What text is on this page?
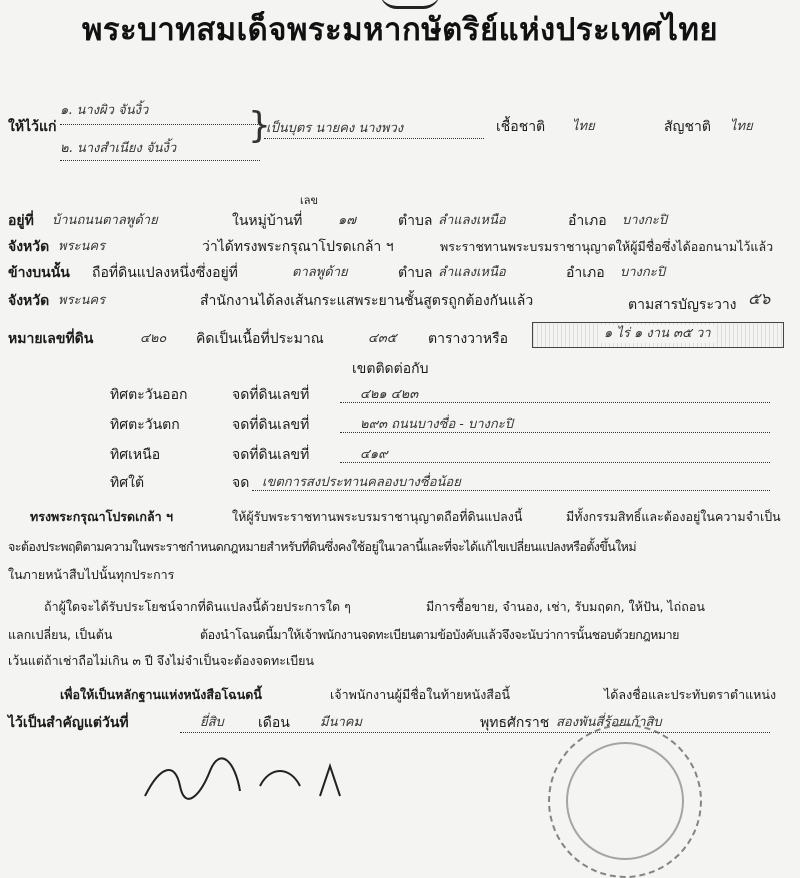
พระบาทสมเด็จพระมหากษัตริย์แห่งประเทศไทย
ให้ไว้แก่
๑. นางผิว จันงิ้ว
๒. นางสำเนียง จันงิ้ว
}
เป็นบุตร นายคง นางพวง	เชื้อชาติ ไทย	สัญชาติ ไทย
เลข
อยู่ที่ บ้านถนนตาลพูด้าย	ในหมู่บ้านที่	๑๗	ตำบล ลำแลงเหนือ	อำเภอ บางกะปิ
จังหวัด พระนคร	ว่าได้ทรงพระกรุณาโปรดเกล้า ฯ	พระราชทานพระบรมราชานุญาตให้ผู้มีชื่อซึ่งได้ออกนามไว้แล้ว
ข้างบนนั้น ถือที่ดินแปลงหนึ่งซึ่งอยู่ที่	ตาลพูด้าย	ตำบล ลำแลงเหนือ	อำเภอ บางกะปิ
จังหวัด พระนคร	สำนักงานได้ลงเส้นกระแสพระยานชั้นสูตรถูกต้องกันแล้ว	ตามสารบัญระวาง ๕๖
หมายเลขที่ดิน	๔๒๐ คิดเป็นเนื้อที่ประมาณ	๔๓๕ ตารางวาหรือ	๑ ไร่ ๑ งาน ๓๕ วา
เขตติดต่อกับ
ทิศตะวันออก	จดที่ดินเลขที่	๔๒๑ ๔๒๓
ทิศตะวันตก	จดที่ดินเลขที่	๒๙๓ ถนนบางซื่อ - บางกะปิ
ทิศเหนือ	จดที่ดินเลขที่	๔๑๙
ทิศใต้	จด เขตการสงประทานคลองบางซื่อน้อย
ทรงพระกรุณาโปรดเกล้า ฯ	ให้ผู้รับพระราชทานพระบรมราชานุญาตถือที่ดินแปลงนี้	มีทั้งกรรมสิทธิ์และต้องอยู่ในความจำเป็น
จะต้องประพฤติตามความในพระราชกำหนดกฎหมายสำหรับที่ดินซึ่งคงใช้อยู่ในเวลานี้และที่จะได้แก้ไขเปลี่ยนแปลงหรือตั้งขึ้นใหม่
ในภายหน้าสืบไปนั้นทุกประการ
ถ้าผู้ใดจะได้รับประโยชน์จากที่ดินแปลงนี้ด้วยประการใด ๆ	มีการซื้อขาย, จำนอง, เช่า, รับมฤดก, ให้ปัน, ไถ่ถอน
แลกเปลี่ยน, เป็นต้น	ต้องนำโฉนดนี้มาให้เจ้าพนักงานจดทะเบียนตามข้อบังคับแล้วจึงจะนับว่าการนั้นชอบด้วยกฎหมาย
เว้นแต่ถ้าเช่าถือไม่เกิน ๓ ปี จึงไม่จำเป็นจะต้องจดทะเบียน
เพื่อให้เป็นหลักฐานแห่งหนังสือโฉนดนี้	เจ้าพนักงานผู้มีชื่อในท้ายหนังสือนี้	ได้ลงชื่อและประทับตราตำแหน่ง
ไว้เป็นสำคัญแต่วันที่	ยี่สิบ เดือน มีนาคม	พุทธศักราช สองพันสี่ร้อยเก้าสิบ
